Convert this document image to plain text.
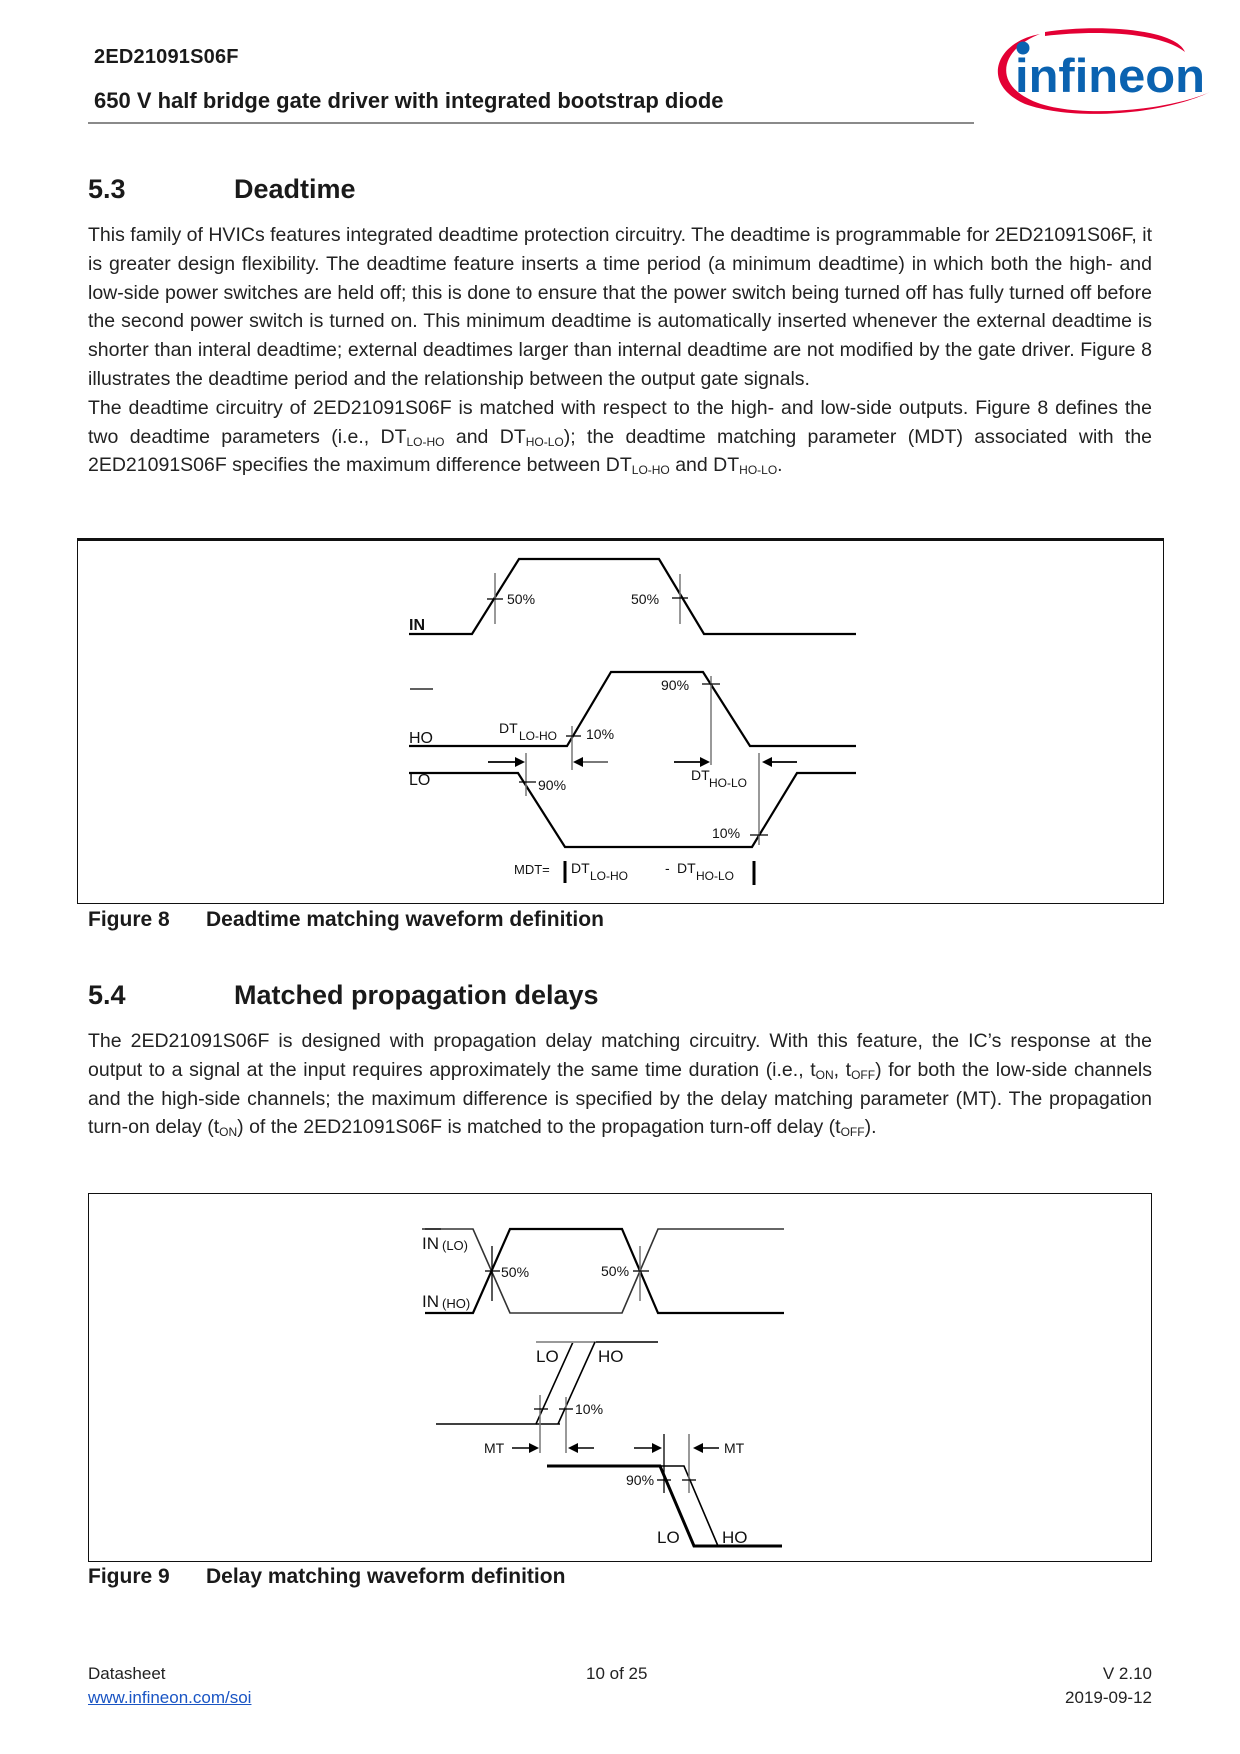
2ED21091S06F
650 V half bridge gate driver with integrated bootstrap diode	infineon
5.3	Deadtime
This family of HVICs features integrated deadtime protection circuitry. The deadtime is programmable for 2ED21091S06F, it is greater design flexibility. The deadtime feature inserts a time period (a minimum deadtime) in which both the high- and low-side power switches are held off; this is done to ensure that the power switch being turned off has fully turned off before the second power switch is turned on. This minimum deadtime is automatically inserted whenever the external deadtime is shorter than interal deadtime; external deadtimes larger than internal deadtime are not modified by the gate driver. Figure 8 illustrates the deadtime period and the relationship between the output gate signals.
The deadtime circuitry of 2ED21091S06F is matched with respect to the high- and low-side outputs. Figure 8 defines the two deadtime parameters (i.e., $DT_{LO-HO}$ and $DT_{HO-LO}$); the deadtime matching parameter (MDT) associated with the 2ED21091S06F specifies the maximum difference between $DT_{LO-HO}$ and $DT_{HO-LO}$.
IN
50%	50%
HO
LO
90%
10%
90%
10%
DT LO-HO
DT HO-LO
MDT= DT LO-HO	- DT HO-LO
Figure 8 Deadtime matching waveform definition
5.4	Matched propagation delays
The 2ED21091S06F is designed with propagation delay matching circuitry. With this feature, the IC’s response at the output to a signal at the input requires approximately the same time duration (i.e., $t_{ON}$, $t_{OFF}$) for both the low-side channels and the high-side channels; the maximum difference is specified by the delay matching parameter (MT). The propagation turn-on delay $(t_{ON})$ of the 2ED21091S06F is matched to the propagation turn-off delay $(t_{OFF})$.
IN (LO)
IN (HO)
50%	50%
LO HO
10%
MT	MT
90%
LO HO
Figure 9 Delay matching waveform definition
Datasheet
www.infineon.com/soi
10 of 25	V 2.10
2019-09-12
